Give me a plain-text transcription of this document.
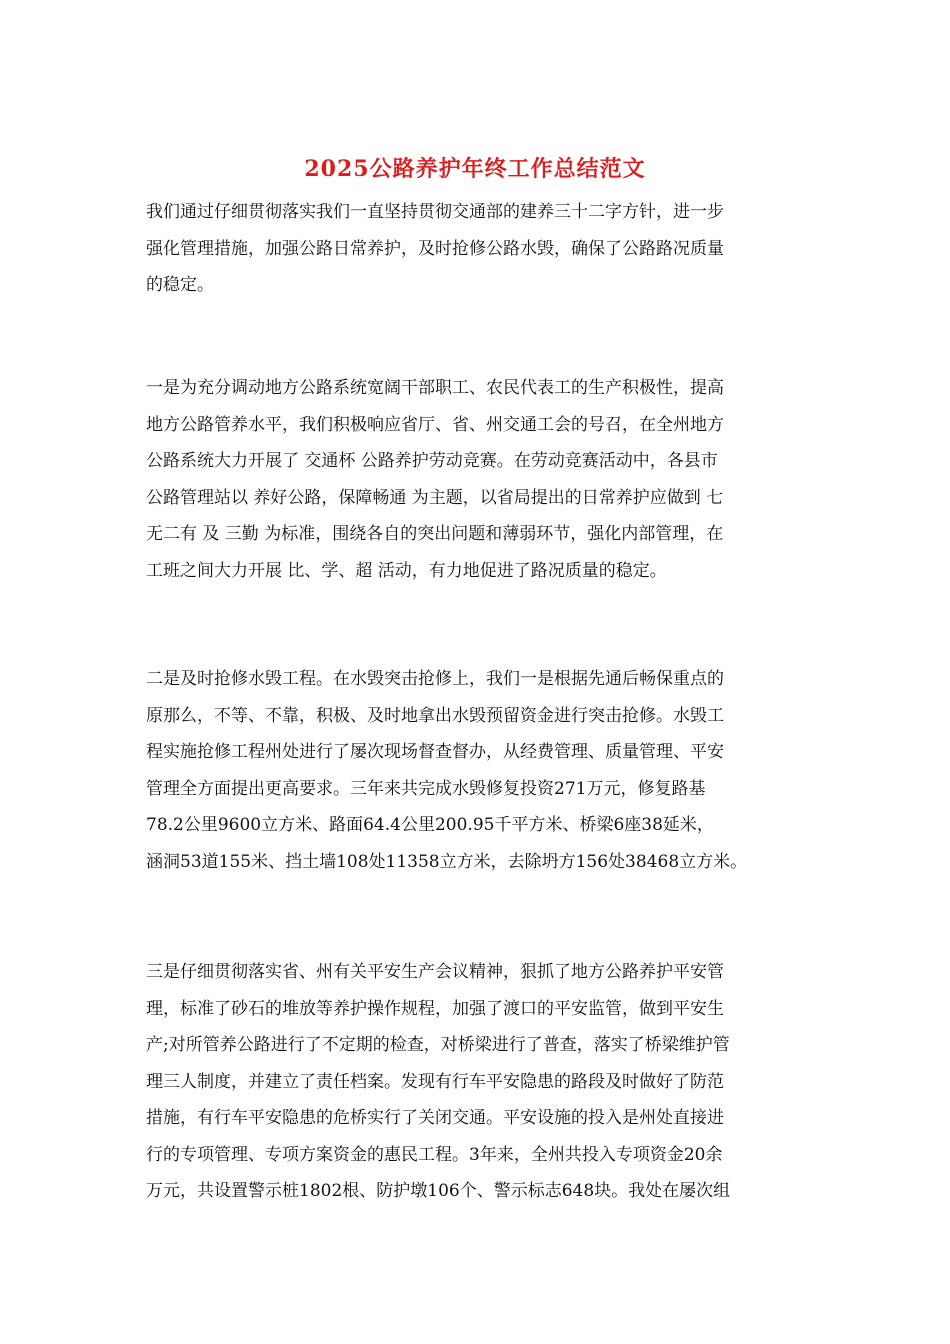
2025公路养护年终工作总结范文
我们通过仔细贯彻落实我们一直坚持贯彻交通部的建养三十二字方针，进一步
强化管理措施，加强公路日常养护，及时抢修公路水毁，确保了公路路况质量
的稳定。
一是为充分调动地方公路系统宽阔干部职工、农民代表工的生产积极性，提高
地方公路管养水平，我们积极响应省厅、省、州交通工会的号召，在全州地方
公路系统大力开展了 交通杯 公路养护劳动竞赛。在劳动竞赛活动中，各县市
公路管理站以 养好公路，保障畅通 为主题，以省局提出的日常养护应做到 七
无二有 及 三勤 为标准，围绕各自的突出问题和薄弱环节，强化内部管理，在
工班之间大力开展 比、学、超 活动，有力地促进了路况质量的稳定。
二是及时抢修水毁工程。在水毁突击抢修上，我们一是根据先通后畅保重点的
原那么，不等、不靠，积极、及时地拿出水毁预留资金进行突击抢修。水毁工
程实施抢修工程州处进行了屡次现场督查督办，从经费管理、质量管理、平安
管理全方面提出更高要求。三年来共完成水毁修复投资271万元，修复路基
78.2公里9600立方米、路面64.4公里200.95千平方米、桥梁6座38延米，
涵洞53道155米、挡土墙108处11358立方米，去除坍方156处38468立方米。
三是仔细贯彻落实省、州有关平安生产会议精神，狠抓了地方公路养护平安管
理，标准了砂石的堆放等养护操作规程，加强了渡口的平安监管，做到平安生
产;对所管养公路进行了不定期的检查，对桥梁进行了普查，落实了桥梁维护管
理三人制度，并建立了责任档案。发现有行车平安隐患的路段及时做好了防范
措施，有行车平安隐患的危桥实行了关闭交通。平安设施的投入是州处直接进
行的专项管理、专项方案资金的惠民工程。3年来，全州共投入专项资金20余
万元，共设置警示桩1802根、防护墩106个、警示标志648块。我处在屡次组
